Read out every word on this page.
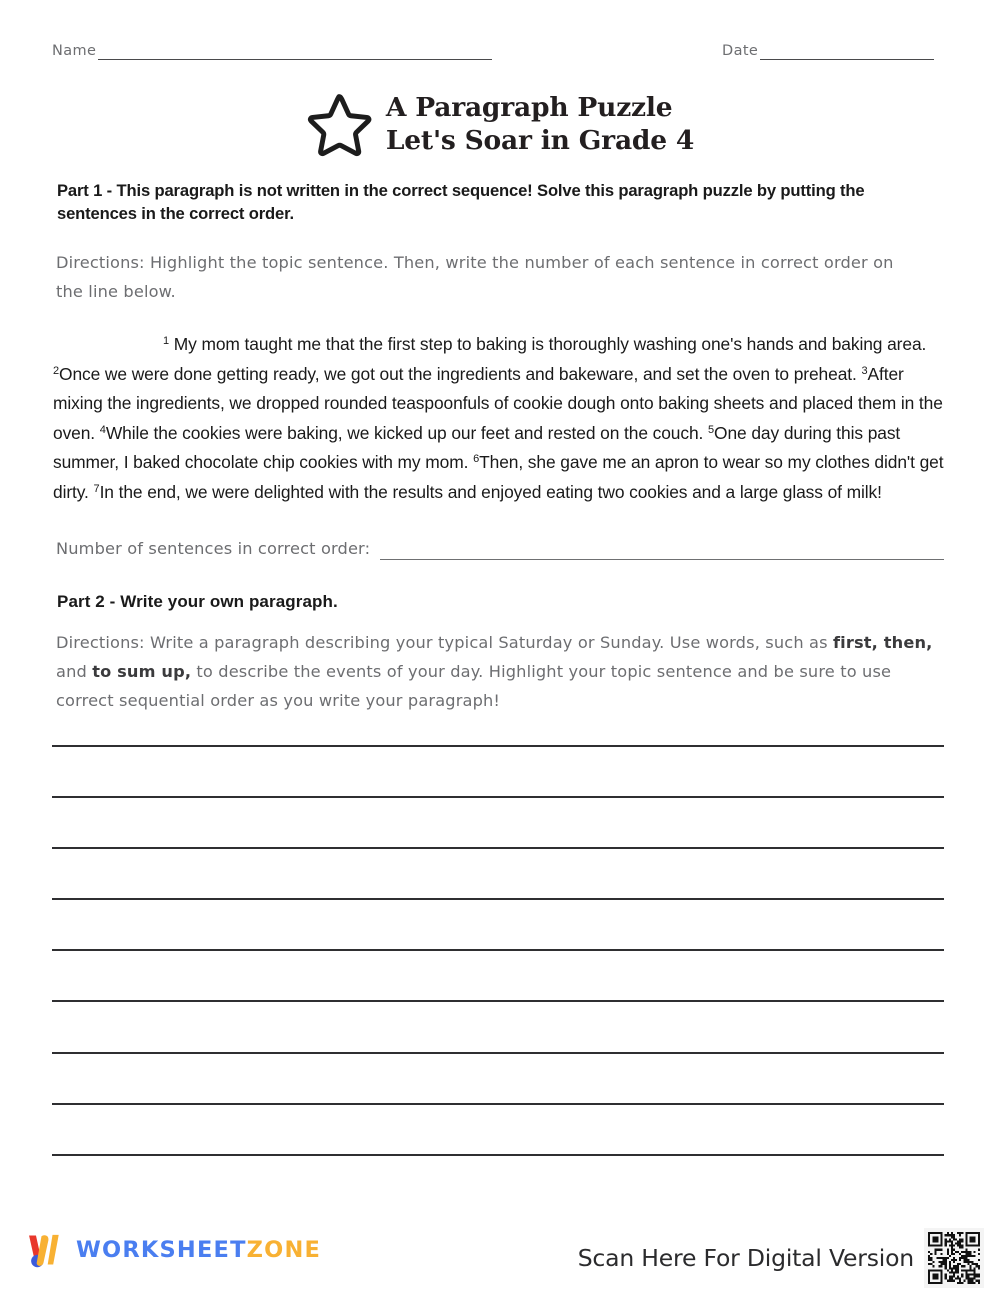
Name	Date
A Paragraph Puzzle
Let's Soar in Grade 4
Part 1 - This paragraph is not written in the correct sequence! Solve this paragraph puzzle by putting the sentences in the correct order.
Directions: Highlight the topic sentence. Then, write the number of each sentence in correct order on the line below.
$^1$ My mom taught me that the first step to baking is thoroughly washing one's hands and baking area. $^2$Once we were done getting ready, we got out the ingredients and bakeware, and set the oven to preheat. $^3$After mixing the ingredients, we dropped rounded teaspoonfuls of cookie dough onto baking sheets and placed them in the oven. $^4$While the cookies were baking, we kicked up our feet and rested on the couch. $^5$One day during this past summer, I baked chocolate chip cookies with my mom. $^6$Then, she gave me an apron to wear so my clothes didn't get dirty. $^7$In the end, we were delighted with the results and enjoyed eating two cookies and a large glass of milk!
Number of sentences in correct order:
Part 2 - Write your own paragraph.
Directions: Write a paragraph describing your typical Saturday or Sunday. Use words, such as first, then, and to sum up, to describe the events of your day. Highlight your topic sentence and be sure to use correct sequential order as you write your paragraph!
WORKSHEETZONE	Scan Here For Digital Version
